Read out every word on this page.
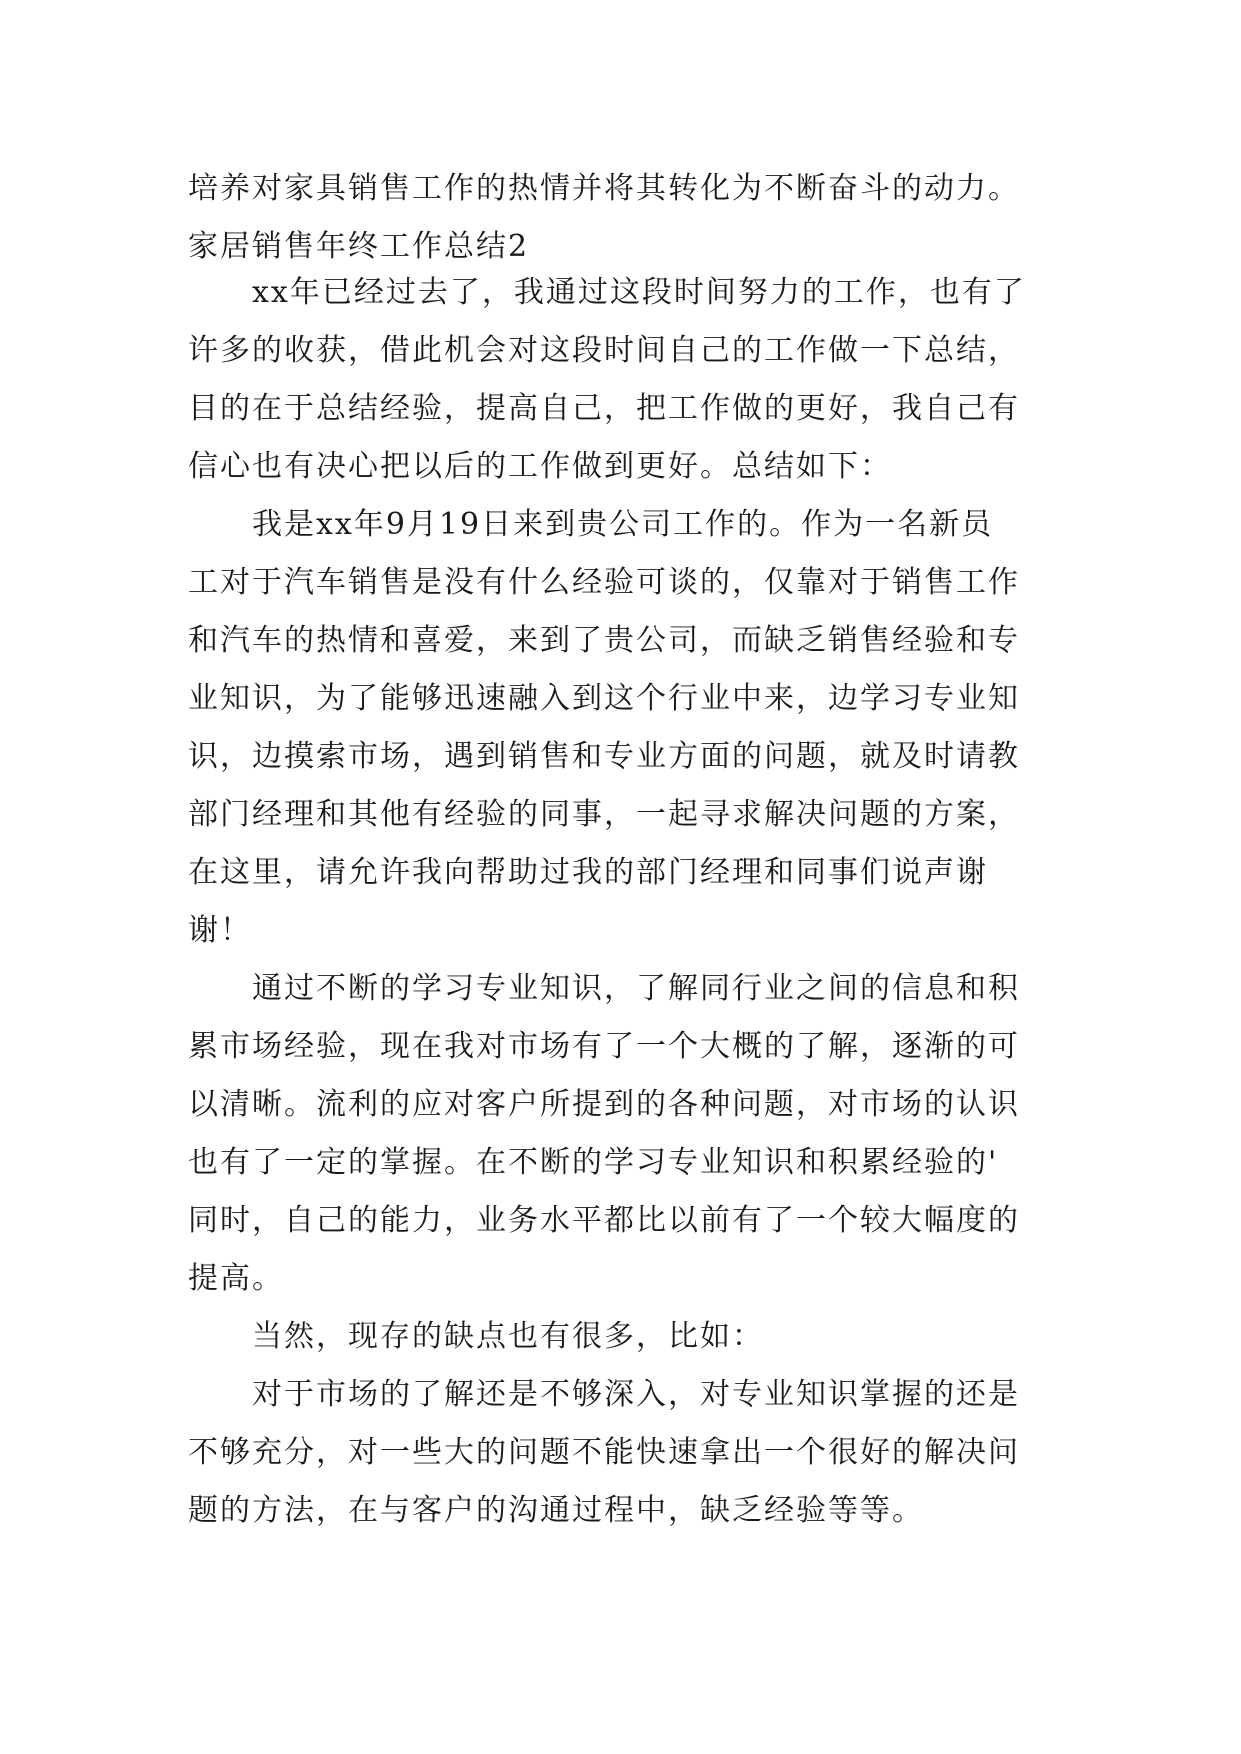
培养对家具销售工作的热情并将其转化为不断奋斗的动力。
家居销售年终工作总结2
　　xx年已经过去了，我通过这段时间努力的工作，也有了
许多的收获，借此机会对这段时间自己的工作做一下总结，
目的在于总结经验，提高自己，把工作做的更好，我自己有
信心也有决心把以后的工作做到更好。总结如下：
　　我是xx年9月19日来到贵公司工作的。作为一名新员
工对于汽车销售是没有什么经验可谈的，仅靠对于销售工作
和汽车的热情和喜爱，来到了贵公司，而缺乏销售经验和专
业知识，为了能够迅速融入到这个行业中来，边学习专业知
识，边摸索市场，遇到销售和专业方面的问题，就及时请教
部门经理和其他有经验的同事，一起寻求解决问题的方案，
在这里，请允许我向帮助过我的部门经理和同事们说声谢
谢！
　　通过不断的学习专业知识，了解同行业之间的信息和积
累市场经验，现在我对市场有了一个大概的了解，逐渐的可
以清晰。流利的应对客户所提到的各种问题，对市场的认识
也有了一定的掌握。在不断的学习专业知识和积累经验的'
同时，自己的能力，业务水平都比以前有了一个较大幅度的
提高。
　　当然，现存的缺点也有很多，比如：
　　对于市场的了解还是不够深入，对专业知识掌握的还是
不够充分，对一些大的问题不能快速拿出一个很好的解决问
题的方法，在与客户的沟通过程中，缺乏经验等等。
